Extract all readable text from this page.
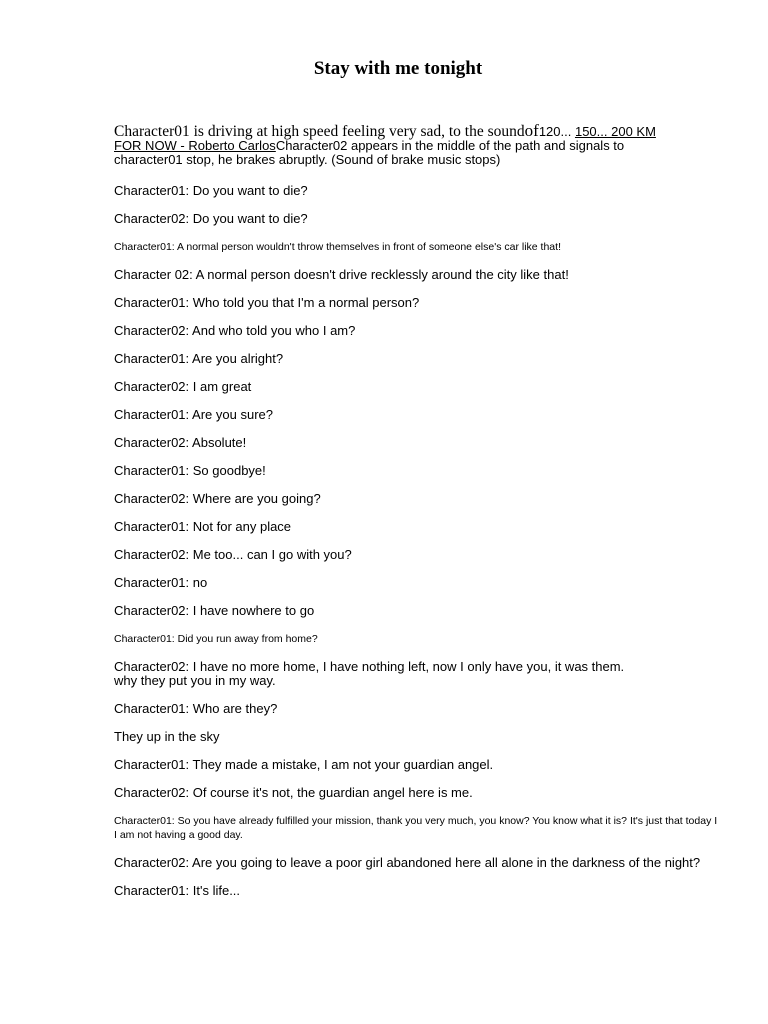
Stay with me tonight
Character01 is driving at high speed feeling very sad, to the soundof120... 150... 200 KM
FOR NOW - Roberto CarlosCharacter02 appears in the middle of the path and signals to
character01 stop, he brakes abruptly. (Sound of brake music stops)
Character01: Do you want to die?
Character02: Do you want to die?
Character01: A normal person wouldn't throw themselves in front of someone else's car like that!
Character 02: A normal person doesn't drive recklessly around the city like that!
Character01: Who told you that I'm a normal person?
Character02: And who told you who I am?
Character01: Are you alright?
Character02: I am great
Character01: Are you sure?
Character02: Absolute!
Character01: So goodbye!
Character02: Where are you going?
Character01: Not for any place
Character02: Me too... can I go with you?
Character01: no
Character02: I have nowhere to go
Character01: Did you run away from home?
Character02: I have no more home, I have nothing left, now I only have you, it was them.
why they put you in my way.
Character01: Who are they?
They up in the sky
Character01: They made a mistake, I am not your guardian angel.
Character02: Of course it's not, the guardian angel here is me.
Character01: So you have already fulfilled your mission, thank you very much, you know? You know what it is? It's just that today I
I am not having a good day.
Character02: Are you going to leave a poor girl abandoned here all alone in the darkness of the night?
Character01: It's life...
